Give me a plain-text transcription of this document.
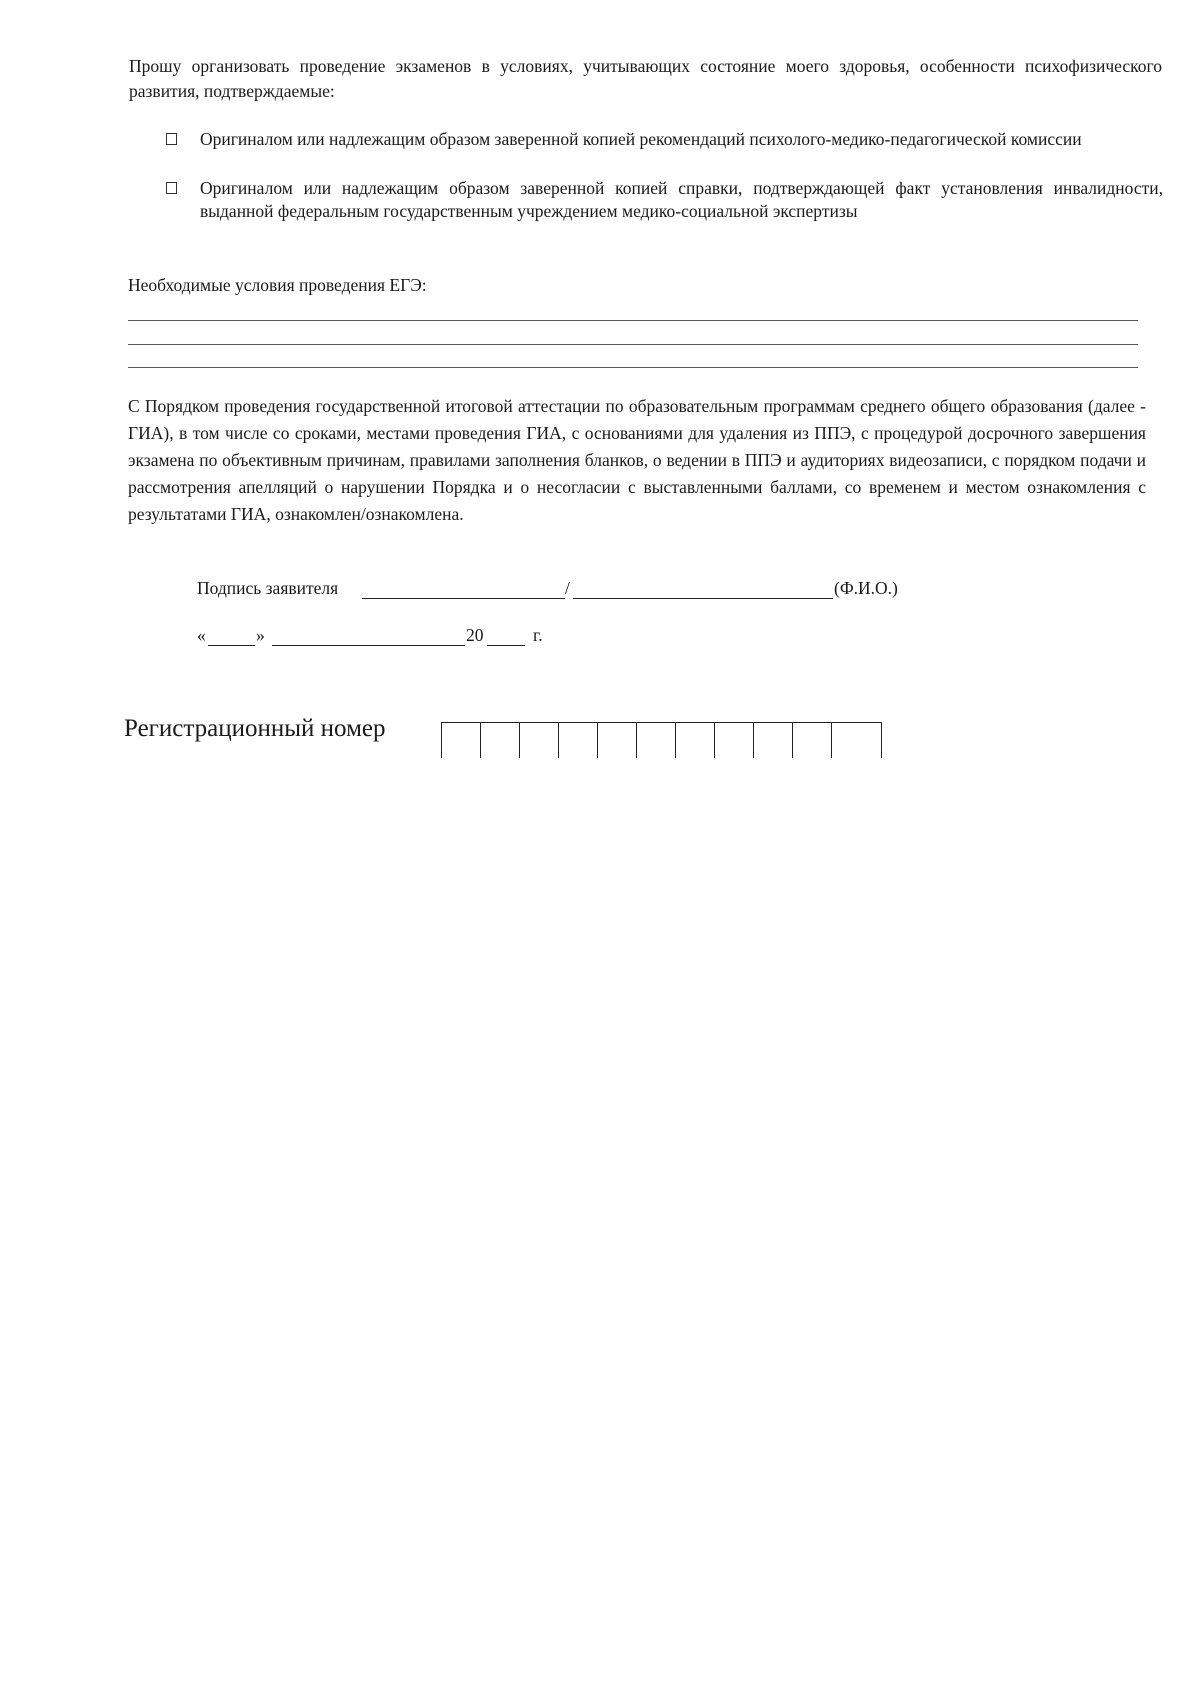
Прошу организовать проведение экзаменов в условиях, учитывающих состояние моего здоровья, особенности психофизического развития, подтверждаемые:
Оригиналом или надлежащим образом заверенной копией рекомендаций психолого-медико-педагогической комиссии
Оригиналом или надлежащим образом заверенной копией справки, подтверждающей факт установления инвалидности, выданной федеральным государственным учреждением медико-социальной экспертизы
Необходимые условия проведения ЕГЭ:
С Порядком проведения государственной итоговой аттестации по образовательным программам среднего общего образования (далее - ГИА), в том числе со сроками, местами проведения ГИА, с основаниями для удаления из ППЭ, с процедурой досрочного завершения экзамена по объективным причинам, правилами заполнения бланков, о ведении в ППЭ и аудиториях видеозаписи, с порядком подачи и рассмотрения апелляций о нарушении Порядка и о несогласии с выставленными баллами, со временем и местом ознакомления с результатами ГИА, ознакомлен/ознакомлена.
Подпись заявителя	/	(Ф.И.О.)
«	»	20	г.
Регистрационный номер
